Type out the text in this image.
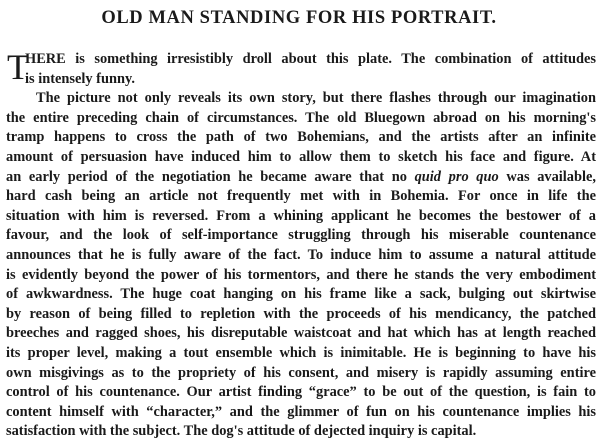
OLD MAN STANDING FOR HIS PORTRAIT.
T
HERE is something irresistibly droll about this plate. The combination of attitudes
is intensely funny.
The picture not only reveals its own story, but there flashes through our imagination
the entire preceding chain of circumstances. The old Bluegown abroad on his morning's
tramp happens to cross the path of two Bohemians, and the artists after an infinite
amount of persuasion have induced him to allow them to sketch his face and figure. At
an early period of the negotiation he became aware that no quid pro quo was available,
hard cash being an article not frequently met with in Bohemia. For once in life the
situation with him is reversed. From a whining applicant he becomes the bestower of a
favour, and the look of self-importance struggling through his miserable countenance
announces that he is fully aware of the fact. To induce him to assume a natural attitude
is evidently beyond the power of his tormentors, and there he stands the very embodiment
of awkwardness. The huge coat hanging on his frame like a sack, bulging out skirtwise
by reason of being filled to repletion with the proceeds of his mendicancy, the patched
breeches and ragged shoes, his disreputable waistcoat and hat which has at length reached
its proper level, making a tout ensemble which is inimitable. He is beginning to have his
own misgivings as to the propriety of his consent, and misery is rapidly assuming entire
control of his countenance. Our artist finding “grace” to be out of the question, is fain to
content himself with “character,” and the glimmer of fun on his countenance implies his
satisfaction with the subject. The dog's attitude of dejected inquiry is capital.
